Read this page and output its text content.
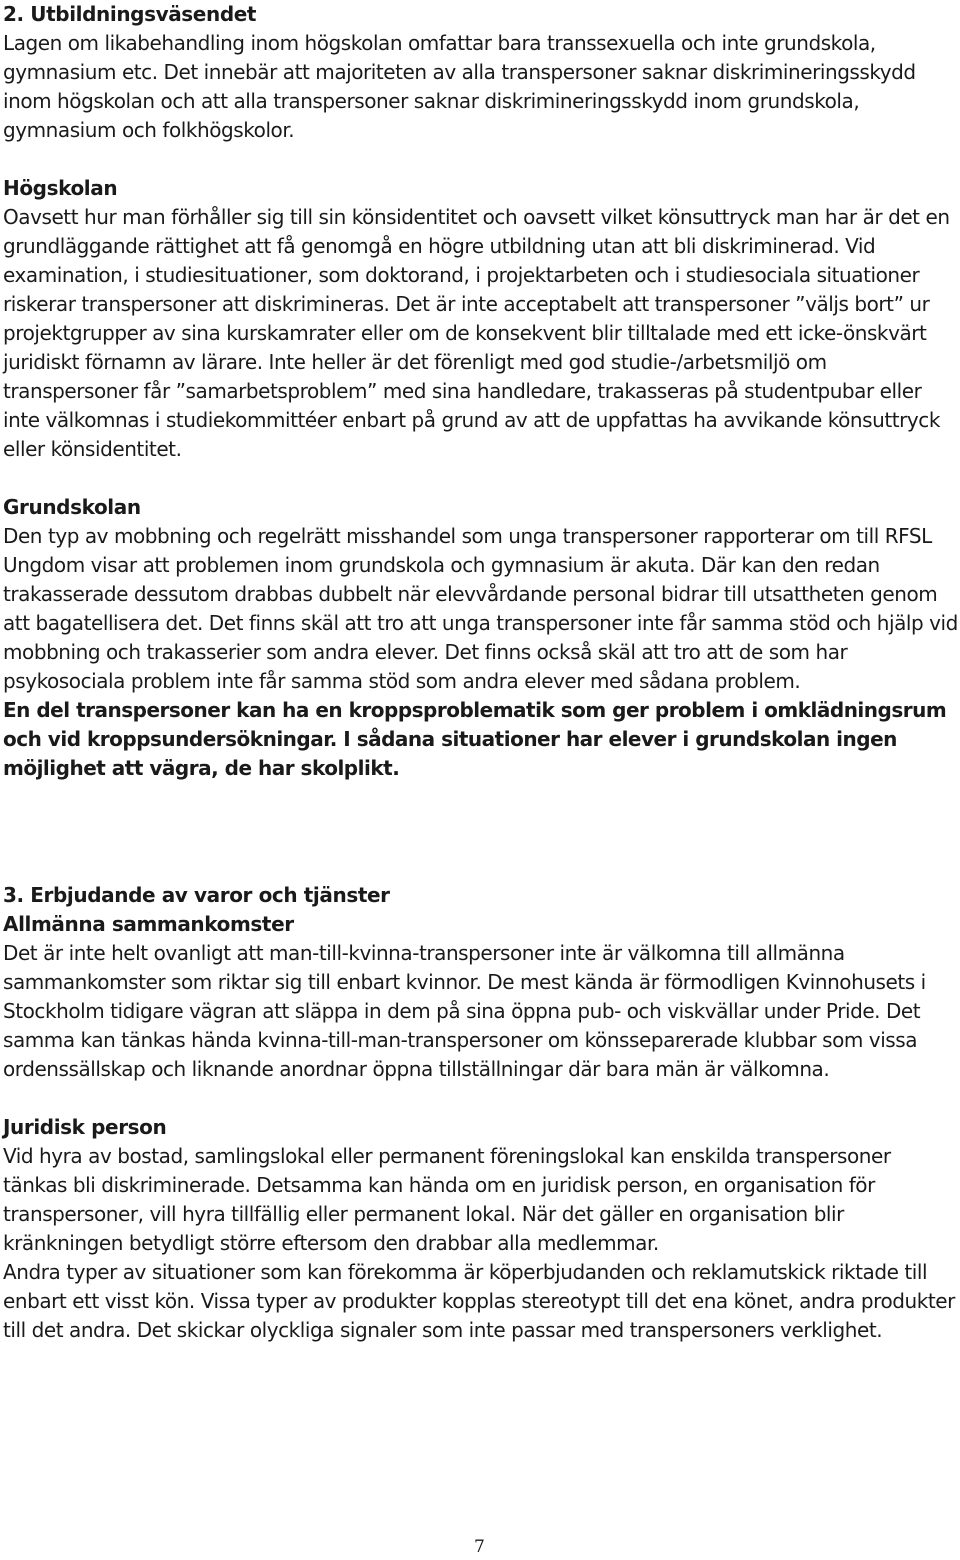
2. Utbildningsväsendet

Lagen om likabehandling inom högskolan omfattar bara transsexuella och inte grundskola, gymnasium etc. Det innebär att majoriteten av alla transpersoner saknar diskrimineringsskydd inom högskolan och att alla transpersoner saknar diskrimineringsskydd inom grundskola, gymnasium och folkhögskolor.

Högskolan

Oavsett hur man förhåller sig till sin könsidentitet och oavsett vilket könsuttryck man har är det en grundläggande rättighet att få genomgå en högre utbildning utan att bli diskriminerad. Vid examination, i studiesituationer, som doktorand, i projektarbeten och i studiesociala situationer riskerar transpersoner att diskrimineras. Det är inte acceptabelt att transpersoner ”väljs bort” ur projektgrupper av sina kurskamrater eller om de konsekvent blir tilltalade med ett icke-önskvärt juridiskt förnamn av lärare. Inte heller är det förenligt med god studie-/arbetsmiljö om transpersoner får ”samarbetsproblem” med sina handledare, trakasseras på studentpubar eller inte välkomnas i studiekommittéer enbart på grund av att de uppfattas ha avvikande könsuttryck eller könsidentitet.

Grundskolan

Den typ av mobbning och regelrätt misshandel som unga transpersoner rapporterar om till RFSL Ungdom visar att problemen inom grundskola och gymnasium är akuta. Där kan den redan trakasserade dessutom drabbas dubbelt när elevvårdande personal bidrar till utsattheten genom att bagatellisera det. Det finns skäl att tro att unga transpersoner inte får samma stöd och hjälp vid mobbning och trakasserier som andra elever. Det finns också skäl att tro att de som har psykosociala problem inte får samma stöd som andra elever med sådana problem.

En del transpersoner kan ha en kroppsproblematik som ger problem i omklädningsrum och vid kroppsundersökningar. I sådana situationer har elever i grundskolan ingen möjlighet att vägra, de har skolplikt.

3. Erbjudande av varor och tjänster
Allmänna sammankomster

Det är inte helt ovanligt att man-till-kvinna-transpersoner inte är välkomna till allmänna sammankomster som riktar sig till enbart kvinnor. De mest kända är förmodligen Kvinnohusets i Stockholm tidigare vägran att släppa in dem på sina öppna pub- och viskvällar under Pride. Det samma kan tänkas hända kvinna-till-man-transpersoner om könsseparerade klubbar som vissa ordenssällskap och liknande anordnar öppna tillställningar där bara män är välkomna.

Juridisk person

Vid hyra av bostad, samlingslokal eller permanent föreningslokal kan enskilda transpersoner tänkas bli diskriminerade. Detsamma kan hända om en juridisk person, en organisation för transpersoner, vill hyra tillfällig eller permanent lokal. När det gäller en organisation blir kränkningen betydligt större eftersom den drabbar alla medlemmar.

Andra typer av situationer som kan förekomma är köperbjudanden och reklamutskick riktade till enbart ett visst kön. Vissa typer av produkter kopplas stereotypt till det ena könet, andra produkter till det andra. Det skickar olyckliga signaler som inte passar med transpersoners verklighet.

7
